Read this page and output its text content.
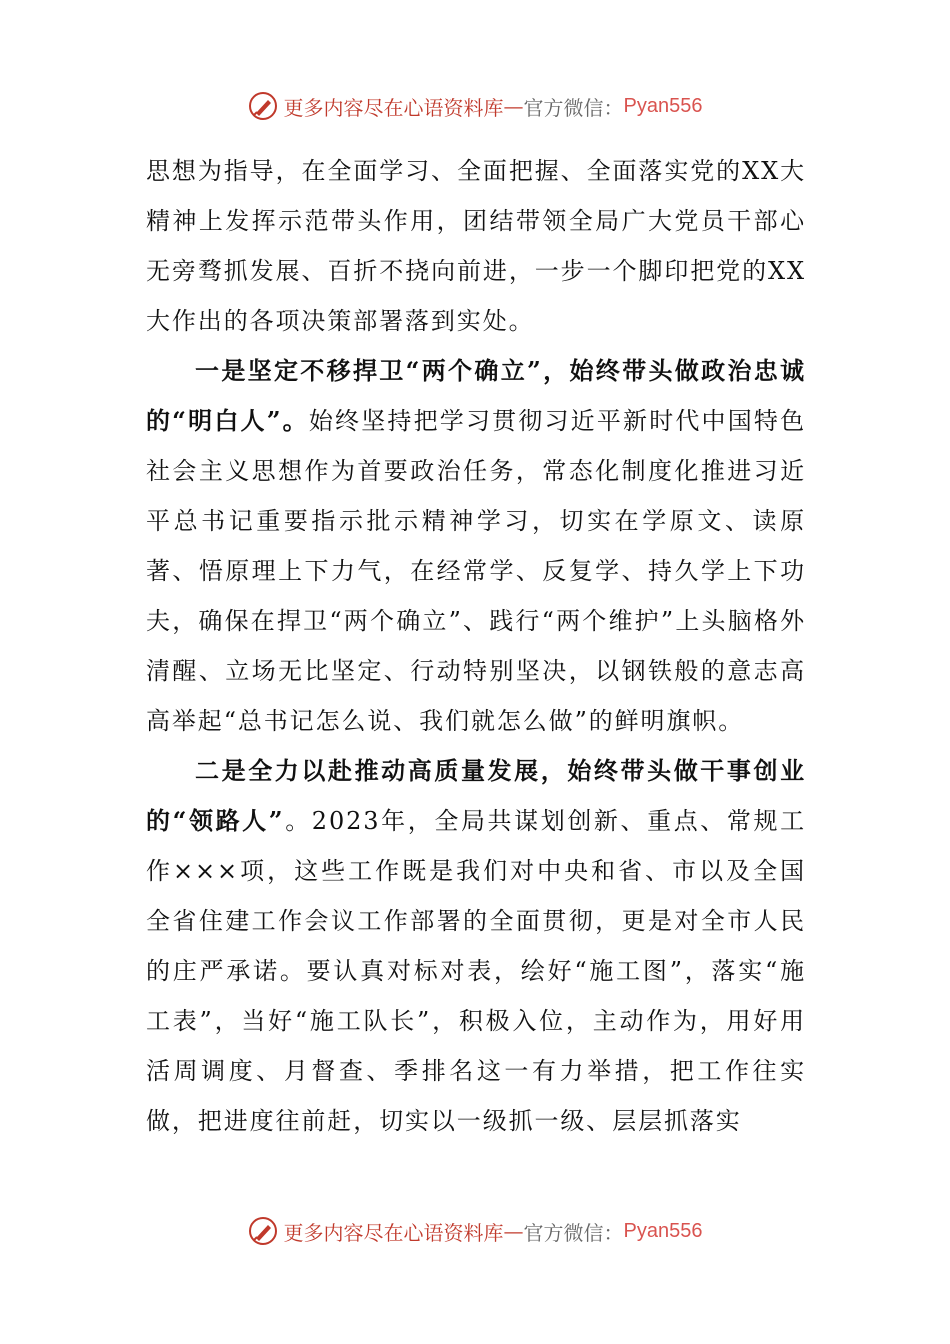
更多内容尽在心语资料库 — 官方微信： Pyan556

思想为指导，在全面学习、全面把握、全面落实党的XX大精神上发挥示范带头作用，团结带领全局广大党员干部心无旁骛抓发展、百折不挠向前进，一步一个脚印把党的XX大作出的各项决策部署落到实处。

一是坚定不移捍卫“两个确立”，始终带头做政治忠诚的“明白人”。始终坚持把学习贯彻习近平新时代中国特色社会主义思想作为首要政治任务，常态化制度化推进习近平总书记重要指示批示精神学习，切实在学原文、读原著、悟原理上下力气，在经常学、反复学、持久学上下功夫，确保在捍卫“两个确立”、践行“两个维护”上头脑格外清醒、立场无比坚定、行动特别坚决，以钢铁般的意志高高举起“总书记怎么说、我们就怎么做”的鲜明旗帜。

二是全力以赴推动高质量发展，始终带头做干事创业的“领路人”。2023年，全局共谋划创新、重点、常规工作×××项，这些工作既是我们对中央和省、市以及全国全省住建工作会议工作部署的全面贯彻，更是对全市人民的庄严承诺。要认真对标对表，绘好“施工图”，落实“施工表”，当好“施工队长”，积极入位，主动作为，用好用活周调度、月督查、季排名这一有力举措，把工作往实做，把进度往前赶，切实以一级抓一级、层层抓落实

更多内容尽在心语资料库 — 官方微信： Pyan556
